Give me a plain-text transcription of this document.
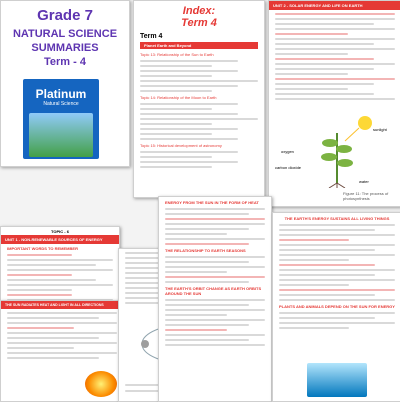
Grade 7
NATURAL SCIENCE
SUMMARIES
Term - 4
Platinum
Natural Science
Index:
Term 4
Term 4
Planet Earth and Beyond
Topic 13: Relationship of the Sun to Earth
Topic 14: Relationship of the Moon to Earth
Topic 15: Historical development of astronomy
UNIT 2 - SOLAR ENERGY AND LIFE ON EARTH
sunlight
oxygen
carbon dioxide
water
Figure 11: The process of photosynthesis
TOPIC - 6
UNIT 1 - NON-RENEWABLE SOURCES OF ENERGY
IMPORTANT WORDS TO REMEMBER
THE SUN RADIATES HEAT AND LIGHT IN ALL DIRECTIONS
ENERGY FROM THE SUN IN THE FORM OF HEAT
THE RELATIONSHIP TO EARTH SEASONS
THE EARTH'S ORBIT CHANGE AS EARTH ORBITS AROUND THE SUN
THE EARTH'S ENERGY SUSTAINS ALL LIVING THINGS
PLANTS AND ANIMALS DEPEND ON THE SUN FOR ENERGY
